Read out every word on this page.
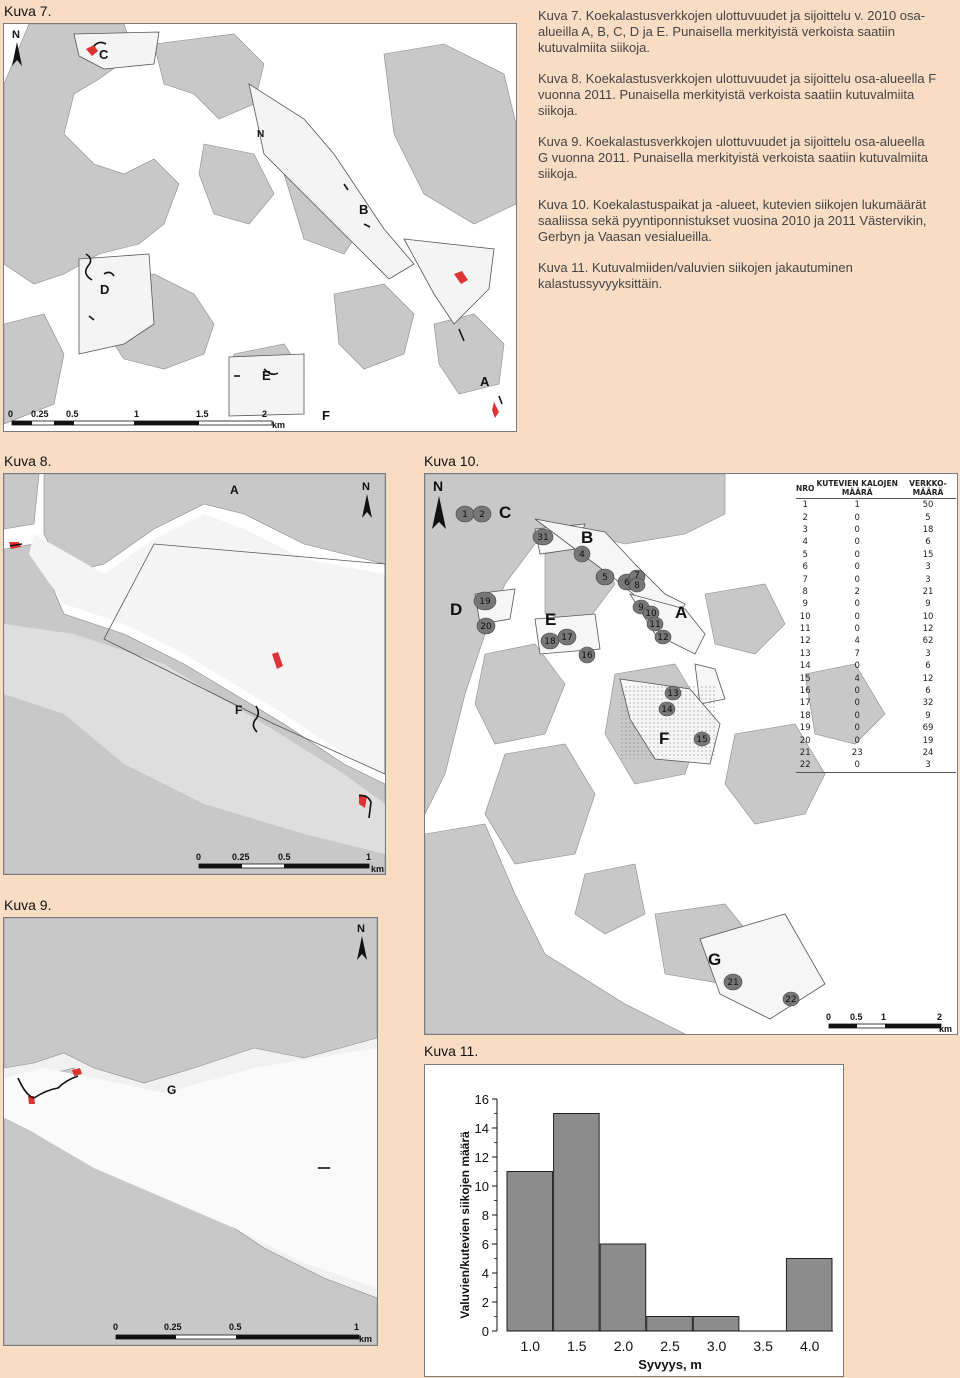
Kuva 7.
Kuva 8.	Kuva 10.
Kuva 9.
Kuva 11.

Kuva 7. Koekalastusverkkojen ulottuvuudet ja sijoittelu v. 2010 osa-alueilla A, B, C, D ja E. Punaisella merkityistä verkoista saatiin kutuvalmiita siikoja.

Kuva 8. Koekalastusverkkojen ulottuvuudet ja sijoittelu osa-alueella F vuonna 2011. Punaisella merkityistä verkoista saatiin kutuvalmiita siikoja.

Kuva 9. Koekalastusverkkojen ulottuvuudet ja sijoittelu osa-alueella G vuonna 2011. Punaisella merkityistä verkoista saatiin kutuvalmiita siikoja.

Kuva 10. Koekalastuspaikat ja -alueet, kutevien siikojen lukumäärät saaliissa sekä pyyntiponnistukset vuosina 2010 ja 2011 Västervikin, Gerbyn ja Vaasan vesialueilla.

Kuva 11. Kutuvalmiiden/valuvien siikojen jakautuminen kalastussyvyyksittäin.

C
N
B
D
E	A
F
N
0 0.25 0.5	1	1.5	2
km
A
F
N
0	0.25	0.5	1
km
G
N
0	0.25	0.5	1
km
1 2
31
4
5 6
7
8
19
20
18 17
16
9
10
11
12
13
14
15
21
22
C
B
D
E	A
F
G
N
0 0.5 1	2
km
NRO	KUTEVIEN KALOJEN MÄÄRÄ	VERKKO-MÄÄRÄ
1	1	50
2	0	5
3	0	18
4	0	6
5	0	15
6	0	3
7	0	3
8	2	21
9	0	9
10	0	10
11	0	12
12	4	62
13	7	3
14	0	6
15	4	12
16	0	6
17	0	32
18	0	9
19	0	69
20	0	19
21	23	24
22	0	3
0
2
4
6
8
10
12
14
16
1.0 1.5 2.0 2.5 3.0 3.5 4.0
Syvyys, m
Valuvien/kutevien siikojen määrä
